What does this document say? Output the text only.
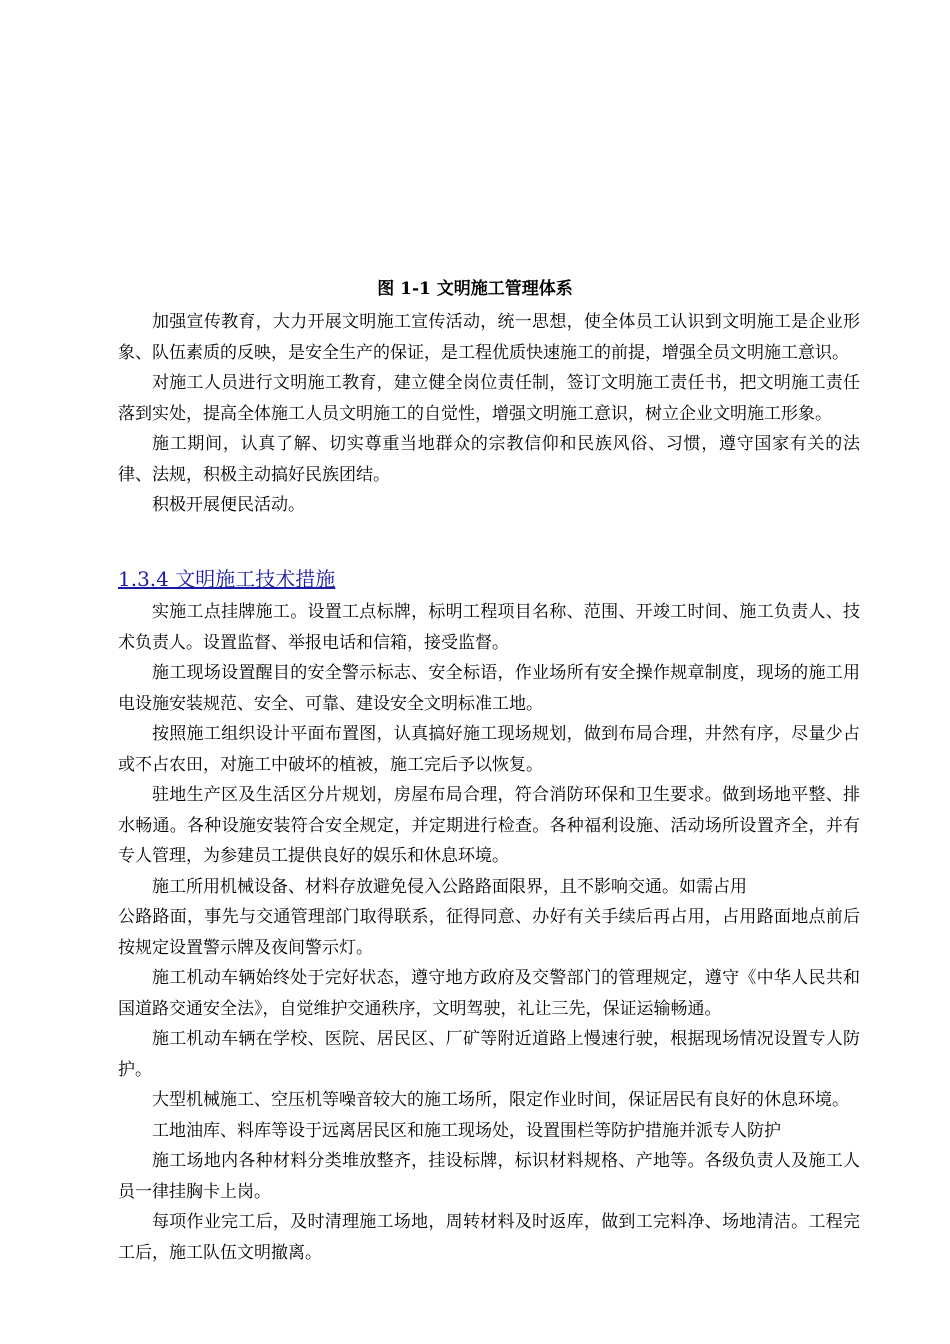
图 1-1 文明施工管理体系

加强宣传教育，大力开展文明施工宣传活动，统一思想，使全体员工认识到文明施工是企业形象、队伍素质的反映，是安全生产的保证，是工程优质快速施工的前提，增强全员文明施工意识。

对施工人员进行文明施工教育，建立健全岗位责任制，签订文明施工责任书，把文明施工责任落到实处，提高全体施工人员文明施工的自觉性，增强文明施工意识，树立企业文明施工形象。

施工期间，认真了解、切实尊重当地群众的宗教信仰和民族风俗、习惯，遵守国家有关的法律、法规，积极主动搞好民族团结。

积极开展便民活动。

1.3.4 文明施工技术措施

实施工点挂牌施工。设置工点标牌，标明工程项目名称、范围、开竣工时间、施工负责人、技术负责人。设置监督、举报电话和信箱，接受监督。

施工现场设置醒目的安全警示标志、安全标语，作业场所有安全操作规章制度，现场的施工用电设施安装规范、安全、可靠、建设安全文明标准工地。

按照施工组织设计平面布置图，认真搞好施工现场规划，做到布局合理，井然有序，尽量少占或不占农田，对施工中破坏的植被，施工完后予以恢复。

驻地生产区及生活区分片规划，房屋布局合理，符合消防环保和卫生要求。做到场地平整、排水畅通。各种设施安装符合安全规定，并定期进行检查。各种福利设施、活动场所设置齐全，并有专人管理，为参建员工提供良好的娱乐和休息环境。

施工所用机械设备、材料存放避免侵入公路路面限界，且不影响交通。如需占用

公路路面，事先与交通管理部门取得联系，征得同意、办好有关手续后再占用，占用路面地点前后按规定设置警示牌及夜间警示灯。

施工机动车辆始终处于完好状态，遵守地方政府及交警部门的管理规定，遵守《中华人民共和国道路交通安全法》，自觉维护交通秩序，文明驾驶，礼让三先，保证运输畅通。

施工机动车辆在学校、医院、居民区、厂矿等附近道路上慢速行驶，根据现场情况设置专人防护。

大型机械施工、空压机等噪音较大的施工场所，限定作业时间，保证居民有良好的休息环境。

工地油库、料库等设于远离居民区和施工现场处，设置围栏等防护措施并派专人防护

施工场地内各种材料分类堆放整齐，挂设标牌，标识材料规格、产地等。各级负责人及施工人员一律挂胸卡上岗。

每项作业完工后，及时清理施工场地，周转材料及时返库，做到工完料净、场地清洁。工程完工后，施工队伍文明撤离。
